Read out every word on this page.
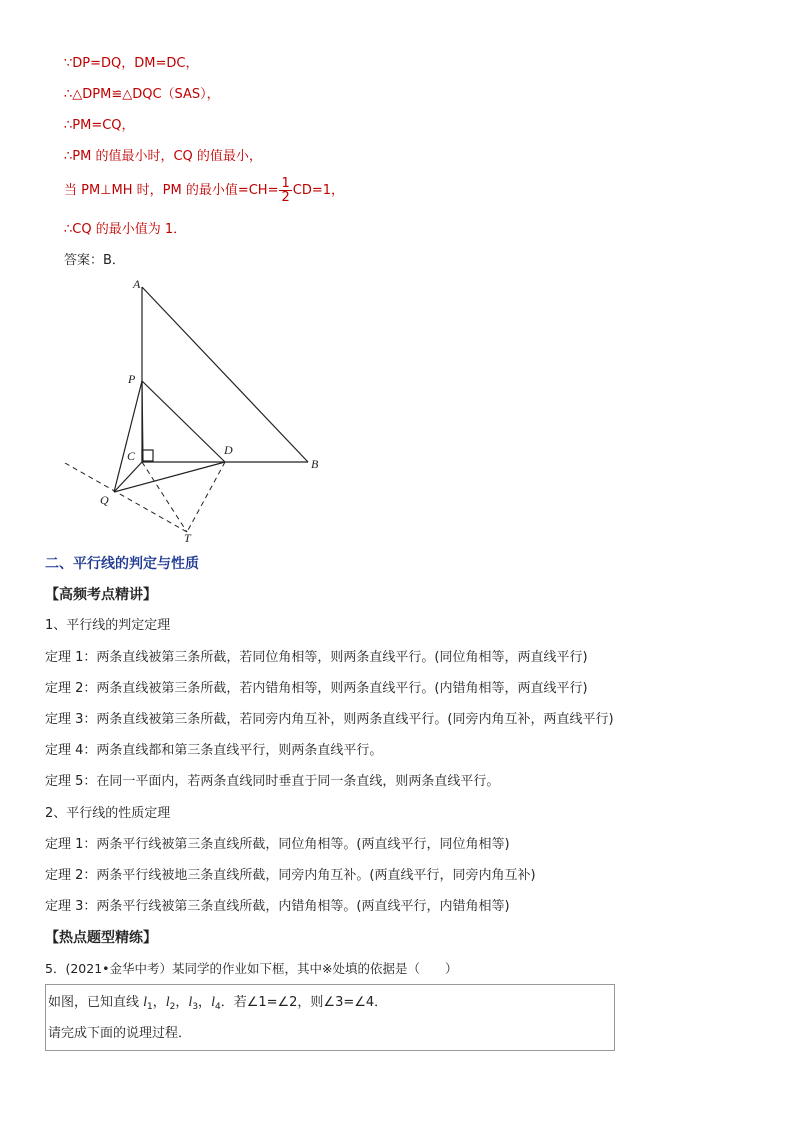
∵DP=DQ，DM=DC，
∴△DPM≌△DQC（SAS），
∴PM=CQ，
∴PM 的值最小时，CQ 的值最小，
当 PM⊥MH 时，PM 的最小值$=CH= \frac{1}{2} CD=1$，
∴CQ 的最小值为 1．
答案：B．
A
P
C	D
B
Q
T
二、平行线的判定与性质
【高频考点精讲】
1、平行线的判定定理
定理 1：两条直线被第三条所截，若同位角相等，则两条直线平行。(同位角相等，两直线平行)
定理 2：两条直线被第三条所截，若内错角相等，则两条直线平行。(内错角相等，两直线平行)
定理 3：两条直线被第三条所截，若同旁内角互补，则两条直线平行。(同旁内角互补，两直线平行)
定理 4：两条直线都和第三条直线平行，则两条直线平行。
定理 5：在同一平面内，若两条直线同时垂直于同一条直线，则两条直线平行。
2、平行线的性质定理
定理 1：两条平行线被第三条直线所截，同位角相等。(两直线平行，同位角相等)
定理 2：两条平行线被地三条直线所截，同旁内角互补。(两直线平行，同旁内角互补)
定理 3：两条平行线被第三条直线所截，内错角相等。(两直线平行，内错角相等)
【热点题型精练】
5．(2021•金华中考）某同学的作业如下框，其中※处填的依据是（　　）
如图，已知直线 $l_1$，$l_2$，$l_3$，$l_4$．若∠1=∠2，则∠3=∠4．
请完成下面的说理过程．
